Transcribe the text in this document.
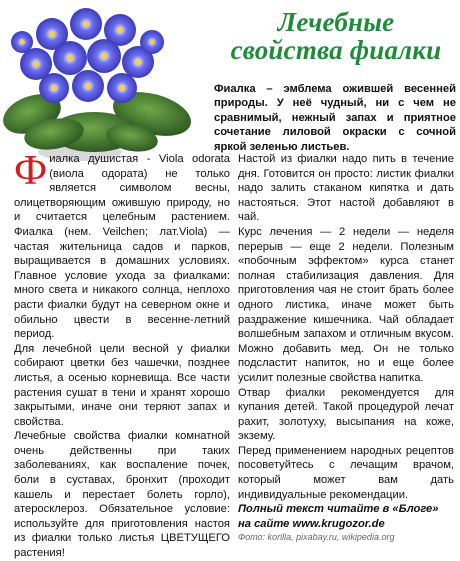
Лечебные
свойства фиалки
Фиалка – эмблема ожившей весенней природы. У неё чудный, ни с чем не сравнимый, нежный запах и приятное сочетание лиловой окраски с сочной яркой зеленью листьев.

Фиалка душистая - Viola odorata (виола одората) не только является символом весны, олицетворяющим ожившую природу, но и считается целебным растением. Фиалка (нем. Veilchen; лат.Viola) — частая жительница садов и парков, выращивается в домашних условиях. Главное условие ухода за фиалками: много света и никакого солнца, неплохо расти фиалки будут на северном окне и обильно цвести в весенне-летний период.

Для лечебной цели весной у фиалки собирают цветки без чашечки, позднее листья, а осенью корневища. Все части растения сушат в тени и хранят хорошо закрытыми, иначе они теряют запах и свойства.

Лечебные свойства фиалки комнатной очень действенны при таких заболеваниях, как воспаление почек, боли в суставах, бронхит (проходит кашель и перестает болеть горло), атеросклероз. Обязательное условие: используйте для приготовления настоя из фиалки только листья ЦВЕТУЩЕГО растения!

Настой из фиалки надо пить в течение дня. Готовится он просто: листик фиалки надо залить стаканом кипятка и дать настояться. Этот настой добавляют в чай.

Курс лечения — 2 недели — неделя перерыв — еще 2 недели. Полезным «побочным эффектом» курса станет полная стабилизация давления. Для приготовления чая не стоит брать более одного листика, иначе может быть раздражение кишечника. Чай обладает волшебным запахом и отличным вкусом. Можно добавить мед. Он не только подсластит напиток, но и еще более усилит полезные свойства напитка.

Отвар фиалки рекомендуется для купания детей. Такой процедурой лечат рахит, золотуху, высыпания на коже, экзему.

Перед применением народных рецептов посоветуйтесь с лечащим врачом, который может вам дать индивидуальные рекомендации.

Полный текст читайте в «Блоге»

на сайте www.krugozor.de

Фото: korilla, pixabay.ru, wikipedia.org
